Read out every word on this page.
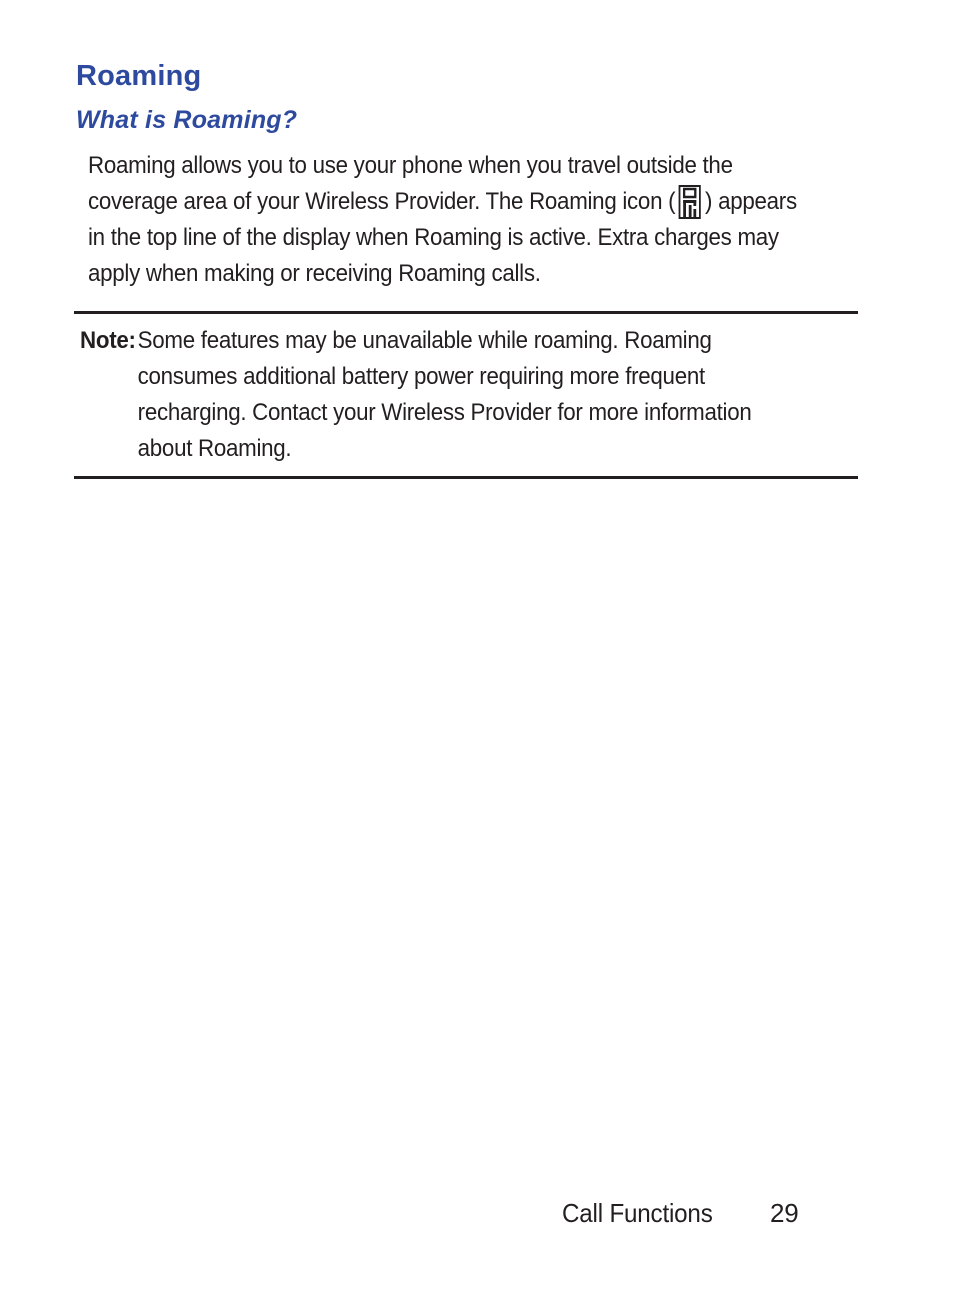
Roaming
What is Roaming?
Roaming allows you to use your phone when you travel outside the
coverage area of your Wireless Provider. The Roaming icon ( ) appears
in the top line of the display when Roaming is active. Extra charges may
apply when making or receiving Roaming calls.
Note: Some features may be unavailable while roaming. Roaming
consumes additional battery power requiring more frequent
recharging. Contact your Wireless Provider for more information
about Roaming.
Call Functions 29
